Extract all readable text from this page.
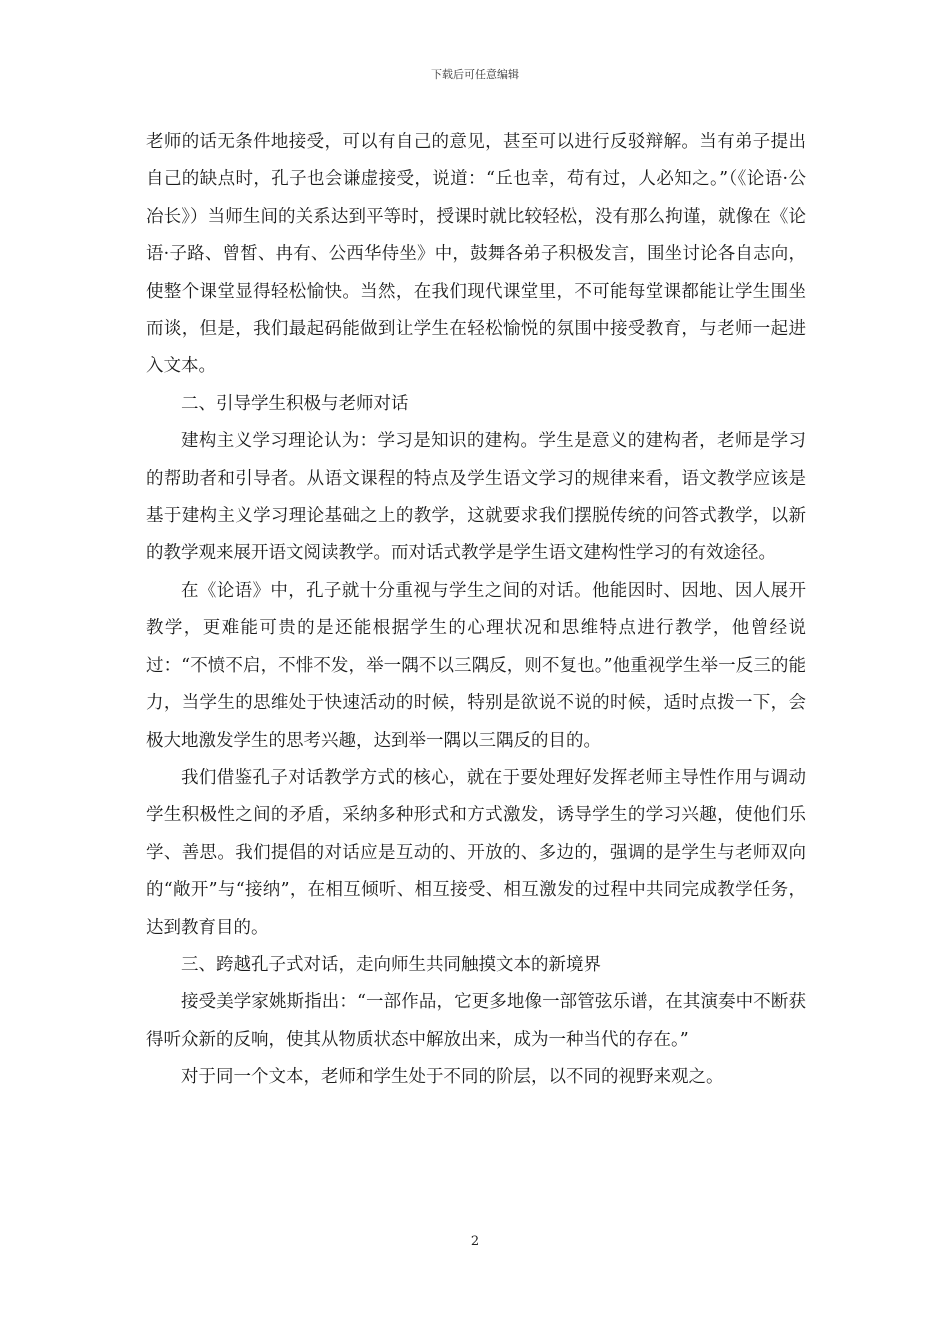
下载后可任意编辑

老师的话无条件地接受，可以有自己的意见，甚至可以进行反驳辩解。当有弟子提出自己的缺点时，孔子也会谦虚接受，说道：“丘也幸，苟有过，人必知之。”（《论语·公冶长》）当师生间的关系达到平等时，授课时就比较轻松，没有那么拘谨，就像在《论语·子路、曾皙、冉有、公西华侍坐》中，鼓舞各弟子积极发言，围坐讨论各自志向，使整个课堂显得轻松愉快。当然，在我们现代课堂里，不可能每堂课都能让学生围坐而谈，但是，我们最起码能做到让学生在轻松愉悦的氛围中接受教育，与老师一起进入文本。

二、引导学生积极与老师对话

建构主义学习理论认为：学习是知识的建构。学生是意义的建构者，老师是学习的帮助者和引导者。从语文课程的特点及学生语文学习的规律来看，语文教学应该是基于建构主义学习理论基础之上的教学，这就要求我们摆脱传统的问答式教学，以新的教学观来展开语文阅读教学。而对话式教学是学生语文建构性学习的有效途径。

在《论语》中，孔子就十分重视与学生之间的对话。他能因时、因地、因人展开教学，更难能可贵的是还能根据学生的心理状况和思维特点进行教学，他曾经说过：“不愤不启，不悱不发，举一隅不以三隅反，则不复也。”他重视学生举一反三的能力，当学生的思维处于快速活动的时候，特别是欲说不说的时候，适时点拨一下，会极大地激发学生的思考兴趣，达到举一隅以三隅反的目的。

我们借鉴孔子对话教学方式的核心，就在于要处理好发挥老师主导性作用与调动学生积极性之间的矛盾，采纳多种形式和方式激发，诱导学生的学习兴趣，使他们乐学、善思。我们提倡的对话应是互动的、开放的、多边的，强调的是学生与老师双向的“敞开”与“接纳”，在相互倾听、相互接受、相互激发的过程中共同完成教学任务，达到教育目的。

三、跨越孔子式对话，走向师生共同触摸文本的新境界

接受美学家姚斯指出：“一部作品，它更多地像一部管弦乐谱，在其演奏中不断获得听众新的反响，使其从物质状态中解放出来，成为一种当代的存在。”

对于同一个文本，老师和学生处于不同的阶层，以不同的视野来观之。

2
